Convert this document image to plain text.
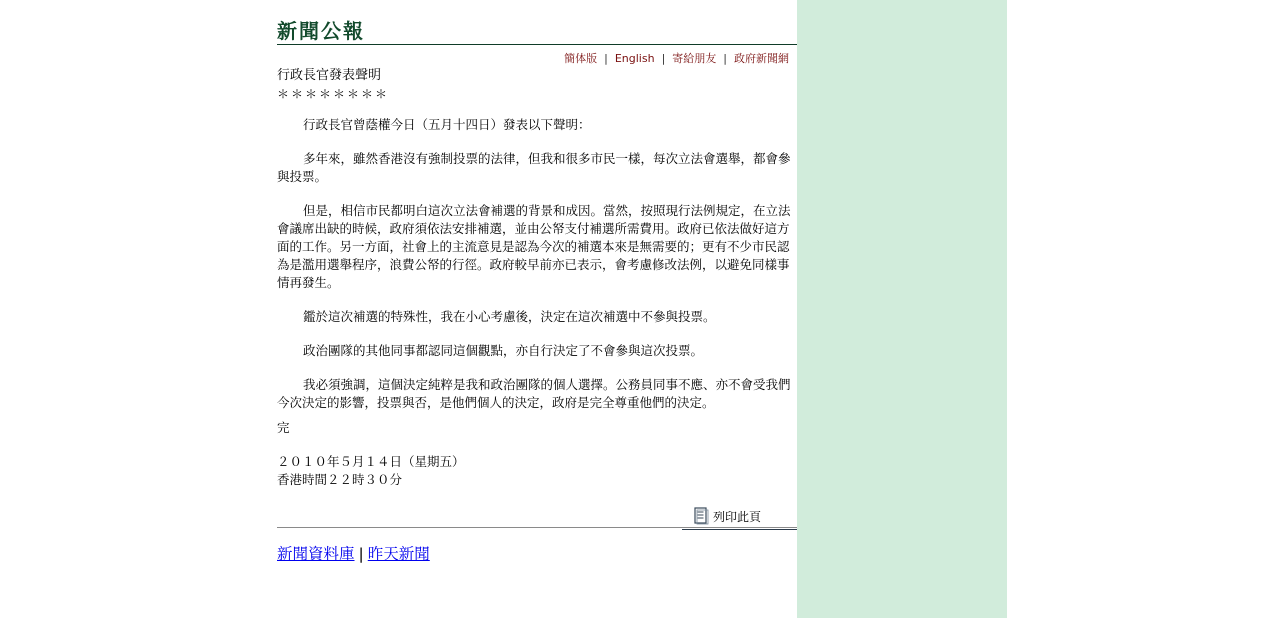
新聞公報
簡体版 | English | 寄給朋友 | 政府新聞網
行政長官發表聲明
＊＊＊＊＊＊＊＊

行政長官曾蔭權今日（五月十四日）發表以下聲明：

多年來，雖然香港沒有強制投票的法律，但我和很多市民一樣，每次立法會選舉，都會參與投票。

但是，相信市民都明白這次立法會補選的背景和成因。當然，按照現行法例規定，在立法會議席出缺的時候，政府須依法安排補選，並由公帑支付補選所需費用。政府已依法做好這方面的工作。另一方面，社會上的主流意見是認為今次的補選本來是無需要的；更有不少市民認為是濫用選舉程序，浪費公帑的行徑。政府較早前亦已表示，會考慮修改法例，以避免同樣事情再發生。

鑑於這次補選的特殊性，我在小心考慮後，決定在這次補選中不參與投票。

政治團隊的其他同事都認同這個觀點，亦自行決定了不會參與這次投票。

我必須強調，這個決定純粹是我和政治團隊的個人選擇。公務員同事不應、亦不會受我們今次決定的影響，投票與否，是他們個人的決定，政府是完全尊重他們的決定。

完
２０１０年５月１４日（星期五）
香港時間２２時３０分
列印此頁
新聞資料庫 | 昨天新聞
